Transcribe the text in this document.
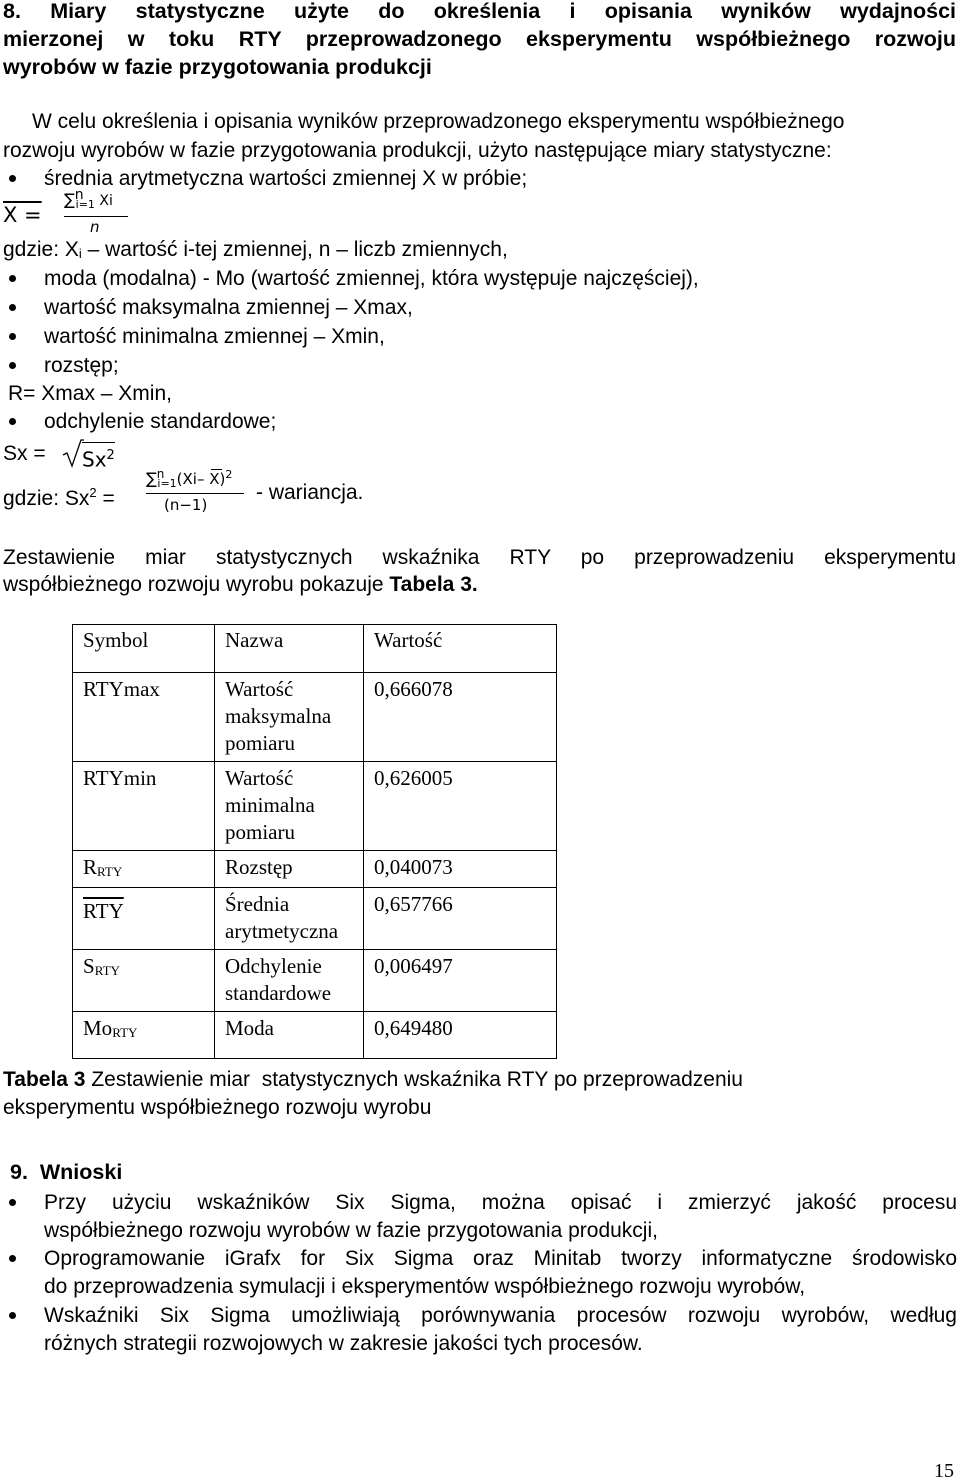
8. Miary statystyczne użyte do określenia i opisania wyników wydajności
mierzonej w toku RTY przeprowadzonego eksperymentu współbieżnego rozwoju
wyrobów w fazie przygotowania produkcji
W celu określenia i opisania wyników przeprowadzonego eksperymentu współbieżnego
rozwoju wyrobów w fazie przygotowania produkcji, użyto następujące miary statystyczne:
średnia arytmetyczna wartości zmiennej X w próbie;
X =
$\sum n_{i=1}$ Xi
n
gdzie: $X_i$ – wartość i-tej zmiennej, n – liczb zmiennych,
moda (modalna) - Mo (wartość zmiennej, która występuje najczęściej),
wartość maksymalna zmiennej – Xmax,
wartość minimalna zmiennej – Xmin,
rozstęp;
R= Xmax – Xmin,
odchylenie standardowe;
$Sx = Sx^2$
gdzie: $Sx^2$ =
∑$^n_{i=1}$(Xi– X)$^2$
(n−1)
- wariancja.
Zestawienie miar statystycznych wskaźnika RTY po przeprowadzeniu eksperymentu
współbieżnego rozwoju wyrobu pokazuje Tabela 3.
Symbol	Nazwa	Wartość
RTYmax	Wartość maksymalna pomiaru	0,666078
RTYmin	Wartość minimalna pomiaru	0,626005
$R_{RTY}$	Rozstęp	0,040073
$\overline{RTY}$	Średnia arytmetyczna	0,657766
$S_{RTY}$	Odchylenie standardowe	0,006497
$Mo_{RTY}$	Moda	0,649480
Tabela 3 Zestawienie miar  statystycznych wskaźnika RTY po przeprowadzeniu
eksperymentu współbieżnego rozwoju wyrobu
9.  Wnioski
Przy użyciu wskaźników Six Sigma, można opisać i zmierzyć jakość procesu
współbieżnego rozwoju wyrobów w fazie przygotowania produkcji,
Oprogramowanie iGrafx for Six Sigma oraz Minitab tworzy informatyczne środowisko
do przeprowadzenia symulacji i eksperymentów współbieżnego rozwoju wyrobów,
Wskaźniki Six Sigma umożliwiają porównywania procesów rozwoju wyrobów, według
różnych strategii rozwojowych w zakresie jakości tych procesów.
15
